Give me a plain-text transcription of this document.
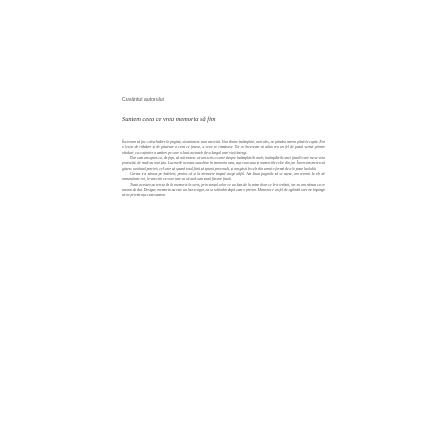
Cuvântul autorului
Suntem ceea ce vrea memoria să fim

Încercam să fac o deschidere în pagină, să amintesc cum am trăit. Una dintre întâmplări, mai ales, ne pândea mereu până la capăt. Era o lecție de răbdare și de păstrare a ceea ce fusese, a ceea ce rămăsese. Tot ce încercam să adun era un fel de pastă scrisă printre rânduri, ca o ațintire a umbrei pe care o lasă cuvintele de-a lungul unei vieți întregi.

Dar cum am ajuns ca, de fapt, să mă trezesc că am scris o carte despre întâmplările mele, întâmplările unei familii care nu se voia povestită, de mult nu mai știu. Lucrurile acestea stau bine în memoria mea, așa cum stau și memoriile celor din jur. Încercam mereu să găsesc cuvântul potrivit, cel care să spună totul fără să spună prea mult, și am găsit în cele din urmă o formă de a le pune laolaltă.

Cartea s-a născut pe îndelete, pentru că și la memorie timpul curge altfel. Am lăsat paginile să se așeze, am revenit la ele de nenumărate ori, le-am citit cu voce tare ca să aud cum sună fiecare frază.

Toate acestea au trecut de la memorie în scris, prin simțul celor ce au luat de la mine doar ce le-a trebuit, iar eu am rămas cu ce aveam de dat. Desigur, memoria nu este un lucru sigur, ea se schimbă după cum o privim. Memoria e un fel de oglindă care ne împinge să ne privim așa cum suntem.
